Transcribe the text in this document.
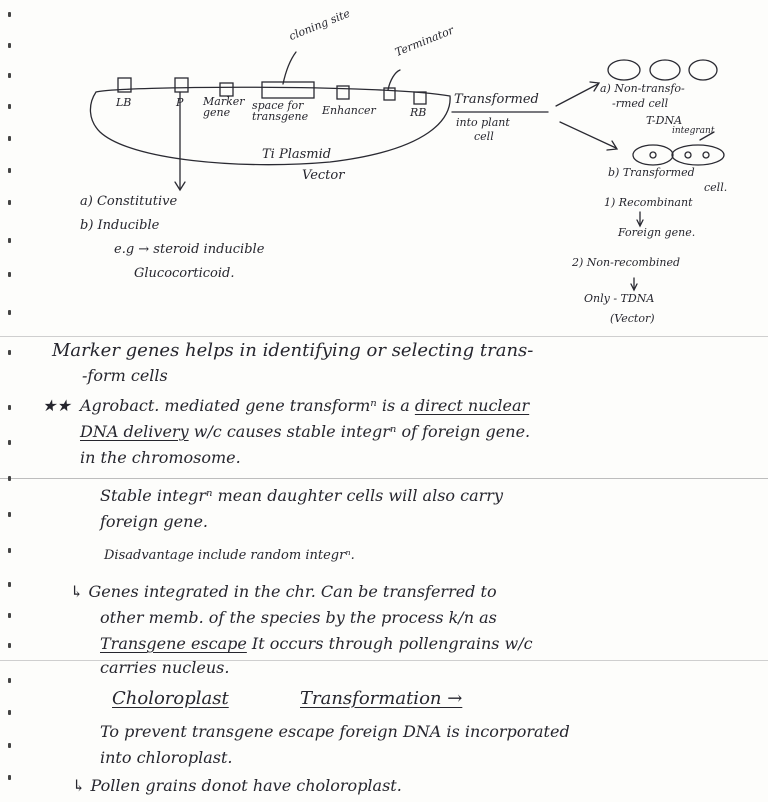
LB	P Marker gene
space for transgene	Enhancer	RB
cloning site	Terminator
Ti Plasmid
Vector
Transformed
into plant
cell
a) Non-transfo-
-rmed cell
T-DNA
integrant
b) Transformed
cell.
1) Recombinant
Foreign gene.
2) Non-recombined
Only - TDNA
(Vector)
a) Constitutive
b) Inducible
e.g → steroid inducible
Glucocorticoid.
Marker genes helps in identifying or selecting trans-
-form cells
★★ Agrobact. mediated gene transformⁿ is a direct nuclear
DNA delivery w/c causes stable integrⁿ of foreign gene.
in the chromosome.
Stable integrⁿ mean daughter cells will also carry
foreign gene.
Disadvantage include random integrⁿ.
↳ Genes integrated in the chr. Can be transferred to
other memb. of the species by the process k/n as
Transgene escape It occurs through pollengrains w/c
carries nucleus.
Choloroplast	Transformation →
To prevent transgene escape foreign DNA is incorporated
into chloroplast.
↳ Pollen grains donot have choloroplast.
